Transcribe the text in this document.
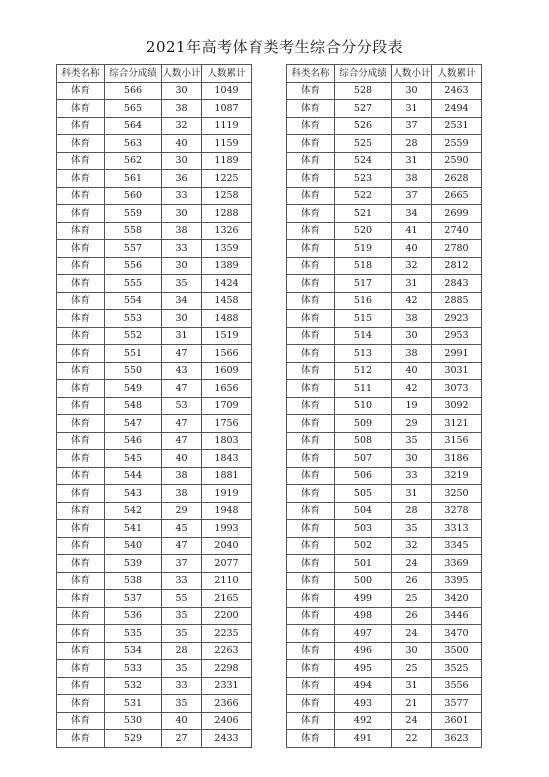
2021年高考体育类考生综合分分段表
科类名称	综合分成绩	人数小计	人数累计
体育	566	30	1049
体育	565	38	1087
体育	564	32	1119
体育	563	40	1159
体育	562	30	1189
体育	561	36	1225
体育	560	33	1258
体育	559	30	1288
体育	558	38	1326
体育	557	33	1359
体育	556	30	1389
体育	555	35	1424
体育	554	34	1458
体育	553	30	1488
体育	552	31	1519
体育	551	47	1566
体育	550	43	1609
体育	549	47	1656
体育	548	53	1709
体育	547	47	1756
体育	546	47	1803
体育	545	40	1843
体育	544	38	1881
体育	543	38	1919
体育	542	29	1948
体育	541	45	1993
体育	540	47	2040
体育	539	37	2077
体育	538	33	2110
体育	537	55	2165
体育	536	35	2200
体育	535	35	2235
体育	534	28	2263
体育	533	35	2298
体育	532	33	2331
体育	531	35	2366
体育	530	40	2406
体育	529	27	2433
科类名称	综合分成绩	人数小计	人数累计
体育	528	30	2463
体育	527	31	2494
体育	526	37	2531
体育	525	28	2559
体育	524	31	2590
体育	523	38	2628
体育	522	37	2665
体育	521	34	2699
体育	520	41	2740
体育	519	40	2780
体育	518	32	2812
体育	517	31	2843
体育	516	42	2885
体育	515	38	2923
体育	514	30	2953
体育	513	38	2991
体育	512	40	3031
体育	511	42	3073
体育	510	19	3092
体育	509	29	3121
体育	508	35	3156
体育	507	30	3186
体育	506	33	3219
体育	505	31	3250
体育	504	28	3278
体育	503	35	3313
体育	502	32	3345
体育	501	24	3369
体育	500	26	3395
体育	499	25	3420
体育	498	26	3446
体育	497	24	3470
体育	496	30	3500
体育	495	25	3525
体育	494	31	3556
体育	493	21	3577
体育	492	24	3601
体育	491	22	3623
